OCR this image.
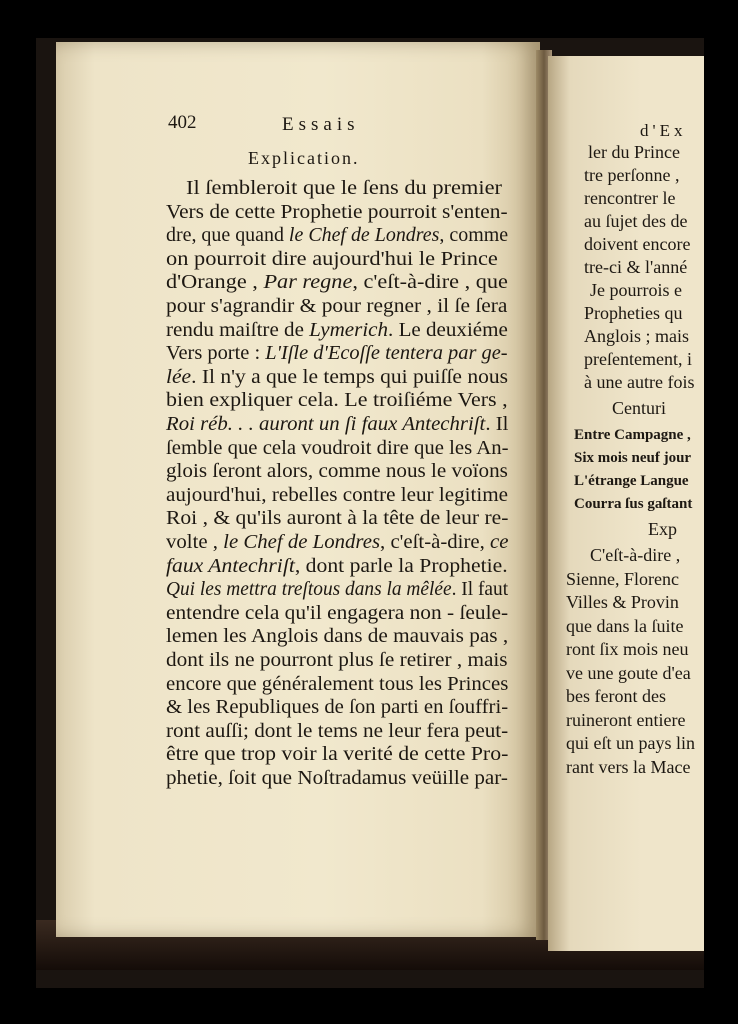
402	Essais
Explication.
Il ſembleroit que le ſens du premier
Vers de cette Prophetie pourroit s'enten-
dre, que quand le Chef de Londres, comme
on pourroit dire aujourd'hui le Prince
d'Orange , Par regne, c'eſt-à-dire , que
pour s'agrandir & pour regner , il ſe ſera
rendu maiſtre de Lymerich. Le deuxiéme
Vers porte : L'Iſle d'Ecoſſe tentera par ge-
lée. Il n'y a que le temps qui puiſſe nous
bien expliquer cela. Le troiſiéme Vers ,
Roi réb. . . auront un ſi faux Antechriſt. Il
ſemble que cela voudroit dire que les An-
glois ſeront alors, comme nous le voïons
aujourd'hui, rebelles contre leur legitime
Roi , & qu'ils auront à la tête de leur re-
volte , le Chef de Londres, c'eſt-à-dire, ce
faux Antechriſt, dont parle la Prophetie.
Qui les mettra treſtous dans la mêlée. Il faut
entendre cela qu'il engagera non - ſeule-
lemen les Anglois dans de mauvais pas ,
dont ils ne pourront plus ſe retirer , mais
encore que généralement tous les Princes
& les Republiques de ſon parti en ſouffri-
ront auſſi; dont le tems ne leur fera peut-
être que trop voir la verité de cette Pro-
phetie, ſoit que Noſtradamus veüille par-
d'Ex
ler du Prince
tre perſonne ,
rencontrer le
au ſujet des de
doivent encore
tre-ci & l'anné
Je pourrois e
Propheties qu
Anglois ; mais
preſentement, i
à une autre fois
Centuri
Entre Campagne ,
Six mois neuf jour
L'étrange Langue
Courra ſus gaſtant
Exp
C'eſt-à-dire ,
Sienne, Florenc
Villes & Provin
que dans la ſuite
ront ſix mois neu
ve une goute d'ea
bes feront des
ruineront entiere
qui eſt un pays lin
rant vers la Mace
